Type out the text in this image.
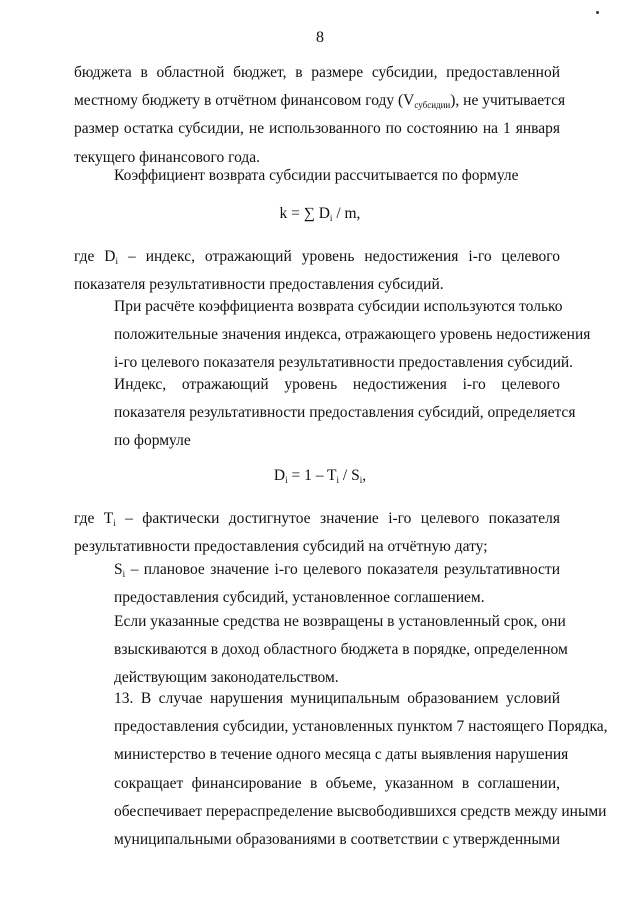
8
бюджета в областной бюджет, в размере субсидии, предоставленной
местному бюджету в отчётном финансовом году $(V_{субсидии})$, не учитывается
размер остатка субсидии, не использованного по состоянию на 1 января
текущего финансового года.
Коэффициент возврата субсидии рассчитывается по формуле
k = ∑ $D_i$ / m,
где $D_i$ – индекс, отражающий уровень недостижения i-го целевого
показателя результативности предоставления субсидий.
При расчёте коэффициента возврата субсидии используются только
положительные значения индекса, отражающего уровень недостижения
i-го целевого показателя результативности предоставления субсидий.
Индекс, отражающий уровень недостижения i-го целевого
показателя результативности предоставления субсидий, определяется
по формуле
$D_i = 1 - T_i / S_i$,
где $T_i$ – фактически достигнутое значение i-го целевого показателя
результативности предоставления субсидий на отчётную дату;
$S_i$ – плановое значение i-го целевого показателя результативности
предоставления субсидий, установленное соглашением.
Если указанные средства не возвращены в установленный срок, они
взыскиваются в доход областного бюджета в порядке, определенном
действующим законодательством.
13. В случае нарушения муниципальным образованием условий
предоставления субсидии, установленных пунктом 7 настоящего Порядка,
министерство в течение одного месяца с даты выявления нарушения
сокращает финансирование в объеме, указанном в соглашении,
обеспечивает перераспределение высвободившихся средств между иными
муниципальными образованиями в соответствии с утвержденными
